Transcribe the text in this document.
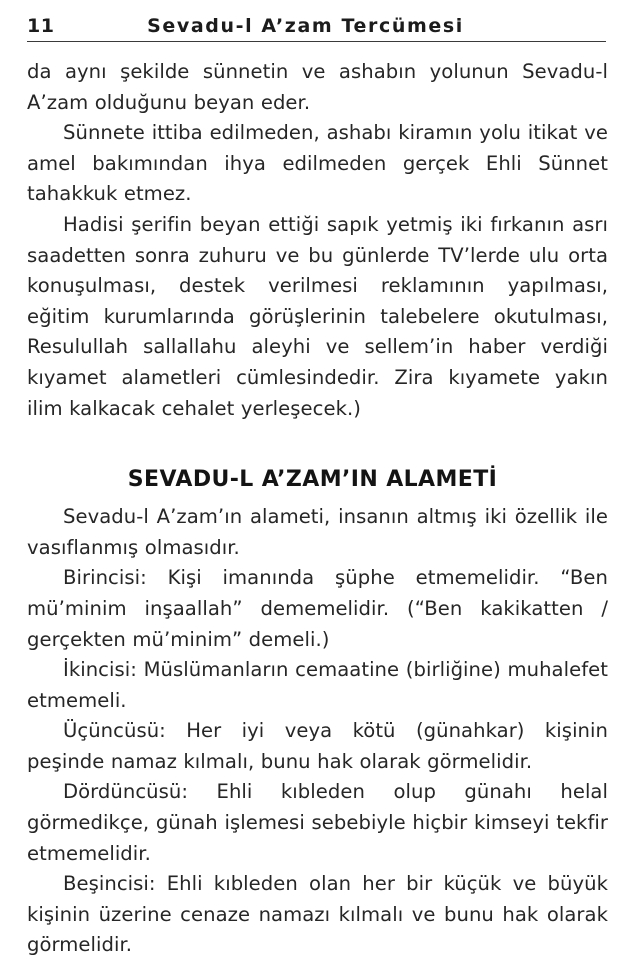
11	Sevadu-l A’zam Tercümesi

da aynı şekilde sünnetin ve ashabın yolunun Sevadu-l A’zam olduğunu beyan eder.

Sünnete ittiba edilmeden, ashabı kiramın yolu itikat ve amel bakımından ihya edilmeden gerçek Ehli Sünnet tahakkuk etmez.

Hadisi şerifin beyan ettiği sapık yetmiş iki fırkanın asrı saadetten sonra zuhuru ve bu günlerde TV’lerde ulu orta konuşulması, destek verilmesi reklamının yapılması, eğitim kurumlarında görüşlerinin talebelere okutulması, Resulullah sallallahu aleyhi ve sellem’in haber verdiği kıyamet alametleri cümlesindedir. Zira kıyamete yakın ilim kalkacak cehalet yerleşecek.)

SEVADU-L A’ZAM’IN ALAMETİ

Sevadu-l A’zam’ın alameti, insanın altmış iki özellik ile vasıflanmış olmasıdır.

Birincisi: Kişi imanında şüphe etmemelidir. “Ben mü’minim inşaallah” dememelidir. (“Ben kakikatten / gerçekten mü’minim” demeli.)

İkincisi: Müslümanların cemaatine (birliğine) muhalefet etmemeli.

Üçüncüsü: Her iyi veya kötü (günahkar) kişinin peşinde namaz kılmalı, bunu hak olarak görmelidir.

Dördüncüsü: Ehli kıbleden olup günahı helal görmedikçe, günah işlemesi sebebiyle hiçbir kimseyi tekfir etmemelidir.

Beşincisi: Ehli kıbleden olan her bir küçük ve büyük kişinin üzerine cenaze namazı kılmalı ve bunu hak olarak görmelidir.
